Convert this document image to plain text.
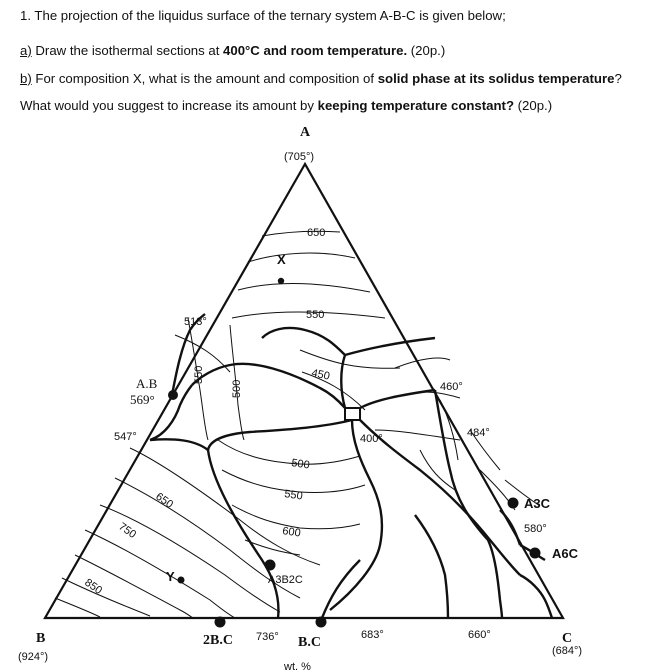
1. The projection of the liquidus surface of the ternary system A-B-C is given below;
a) Draw the isothermal sections at 400°C and room temperature. (20p.)
b) For composition X, what is the amount and composition of solid phase at its solidus temperature?
What would you suggest to increase its amount by keeping temperature constant? (20p.)
A
(705°)
B
(924°)
C
(684°)
A.B
569°
A3C
580°
A6C
A3B2C
2B.C	B.C
X
Y
wt. %
513°
547°
460°
484°
400°
683°	660°
736°
650
550
450
500
550
600
550
500
650
750
850
